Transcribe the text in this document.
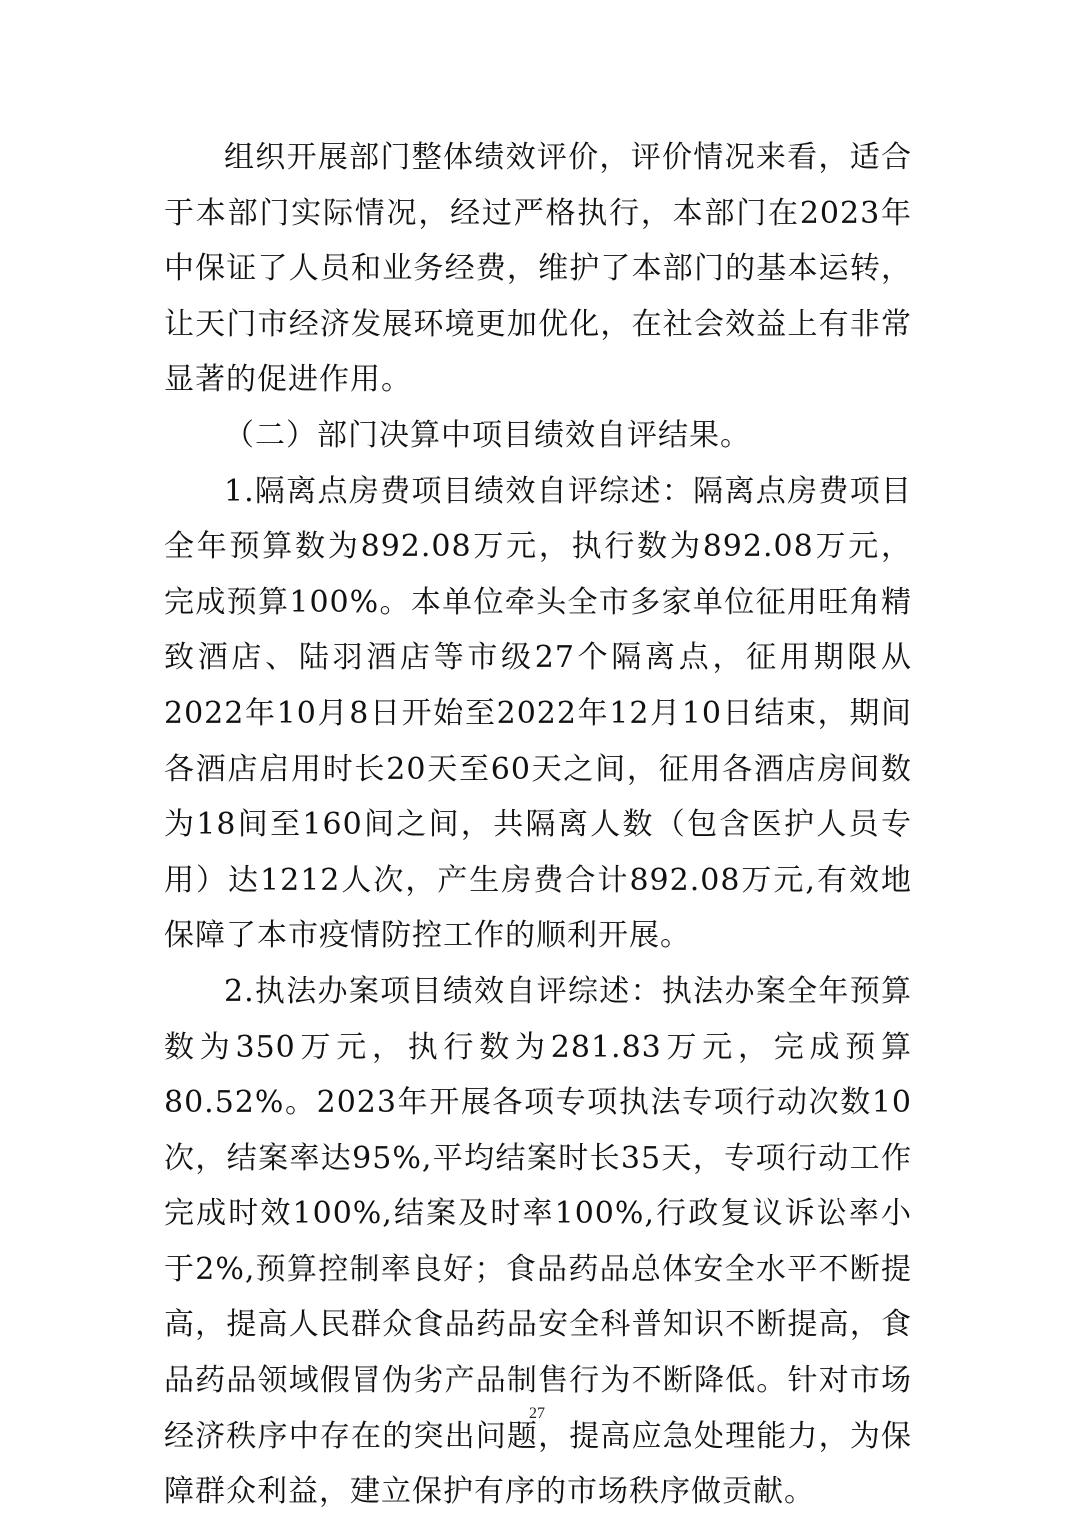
组织开展部门整体绩效评价，评价情况来看，适合于本部门实际情况，经过严格执行，本部门在2023年中保证了人员和业务经费，维护了本部门的基本运转，让天门市经济发展环境更加优化，在社会效益上有非常显著的促进作用。

（二）部门决算中项目绩效自评结果。

1.隔离点房费项目绩效自评综述：隔离点房费项目全年预算数为892.08万元，执行数为892.08万元，完成预算100%。本单位牵头全市多家单位征用旺角精致酒店、陆羽酒店等市级27个隔离点，征用期限从2022年10月8日开始至2022年12月10日结束，期间各酒店启用时长20天至60天之间，征用各酒店房间数为18间至160间之间，共隔离人数（包含医护人员专用）达1212人次，产生房费合计892.08万元,有效地保障了本市疫情防控工作的顺利开展。

2.执法办案项目绩效自评综述：执法办案全年预算数为350万元，执行数为281.83万元，完成预算80.52%。2023年开展各项专项执法专项行动次数10次，结案率达95%,平均结案时长35天，专项行动工作完成时效100%,结案及时率100%,行政复议诉讼率小于2%,预算控制率良好；食品药品总体安全水平不断提高，提高人民群众食品药品安全科普知识不断提高，食品药品领域假冒伪劣产品制售行为不断降低。针对市场经济秩序中存在的突出问题，提高应急处理能力，为保障群众利益，建立保护有序的市场秩序做贡献。

27
